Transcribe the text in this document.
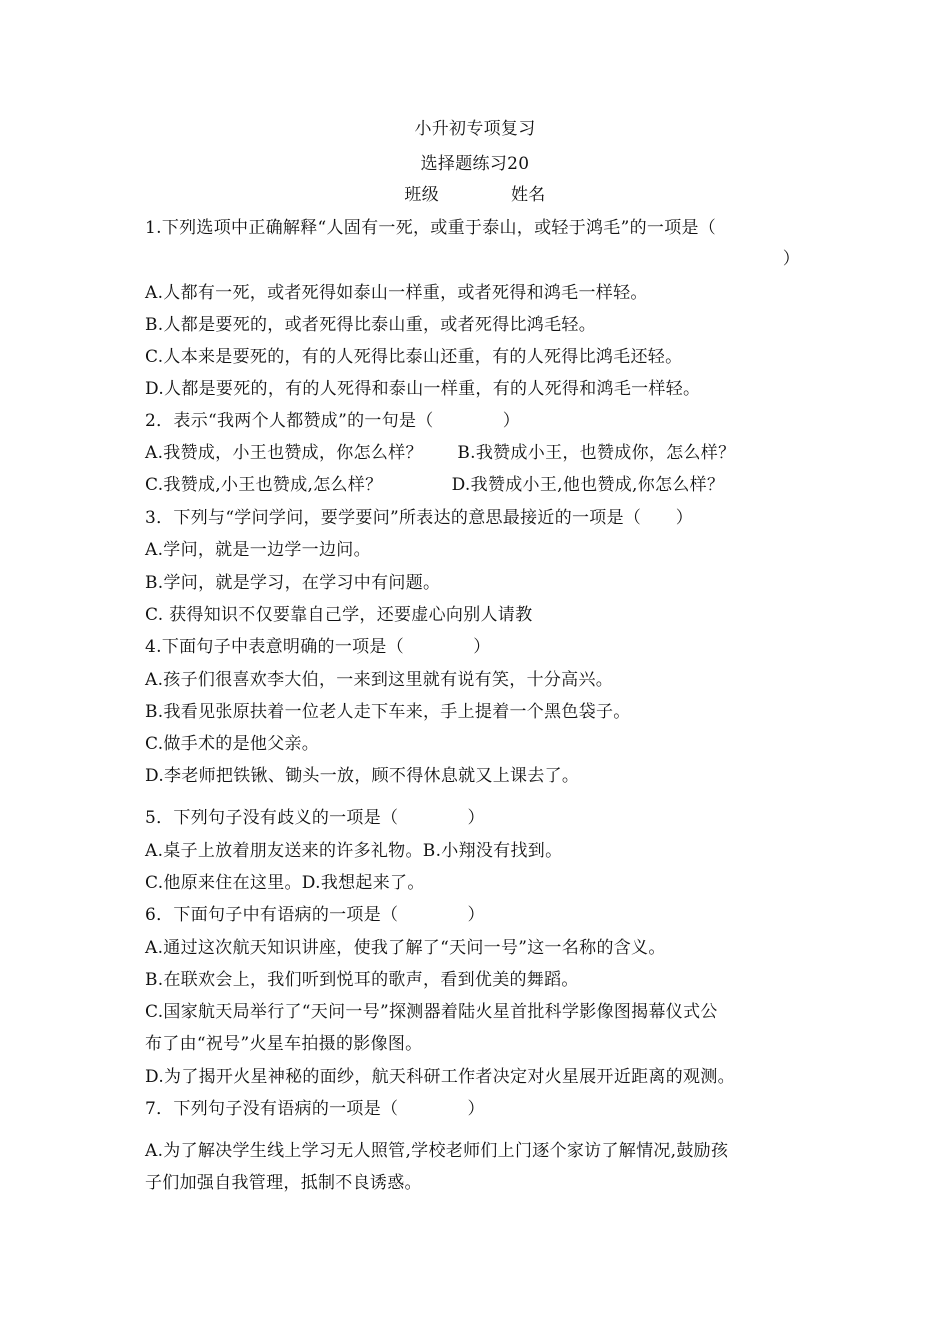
小升初专项复习
选择题练习20
班级	姓名
1.下列选项中正确解释“人固有一死，或重于泰山，或轻于鸿毛”的一项是（
）
A.人都有一死，或者死得如泰山一样重，或者死得和鸿毛一样轻。
B.人都是要死的，或者死得比泰山重，或者死得比鸿毛轻。
C.人本来是要死的，有的人死得比泰山还重，有的人死得比鸿毛还轻。
D.人都是要死的，有的人死得和泰山一样重，有的人死得和鸿毛一样轻。
2．表示“我两个人都赞成”的一句是（　　　　）
A.我赞成，小王也赞成，你怎么样？　　B.我赞成小王，也赞成你，怎么样？
C.我赞成,小王也赞成,怎么样？　　　　D.我赞成小王,他也赞成,你怎么样？
3．下列与“学问学问，要学要问”所表达的意思最接近的一项是（　　）
A.学问，就是一边学一边问。
B.学问，就是学习，在学习中有问题。
C. 获得知识不仅要靠自己学，还要虚心向别人请教
4.下面句子中表意明确的一项是（　　　　）
A.孩子们很喜欢李大伯，一来到这里就有说有笑，十分高兴。
B.我看见张原扶着一位老人走下车来，手上提着一个黑色袋子。
C.做手术的是他父亲。
D.李老师把铁锹、锄头一放，顾不得休息就又上课去了。
5．下列句子没有歧义的一项是（　　　　）
A.桌子上放着朋友送来的许多礼物。B.小翔没有找到。
C.他原来住在这里。D.我想起来了。
6．下面句子中有语病的一项是（　　　　）
A.通过这次航天知识讲座，使我了解了“天问一号”这一名称的含义。
B.在联欢会上，我们听到悦耳的歌声，看到优美的舞蹈。
C.国家航天局举行了“天问一号”探测器着陆火星首批科学影像图揭幕仪式公
布了由“祝号”火星车拍摄的影像图。
D.为了揭开火星神秘的面纱，航天科研工作者决定对火星展开近距离的观测。
7．下列句子没有语病的一项是（　　　　）
A.为了解决学生线上学习无人照管,学校老师们上门逐个家访了解情况,鼓励孩
子们加强自我管理，抵制不良诱惑。
